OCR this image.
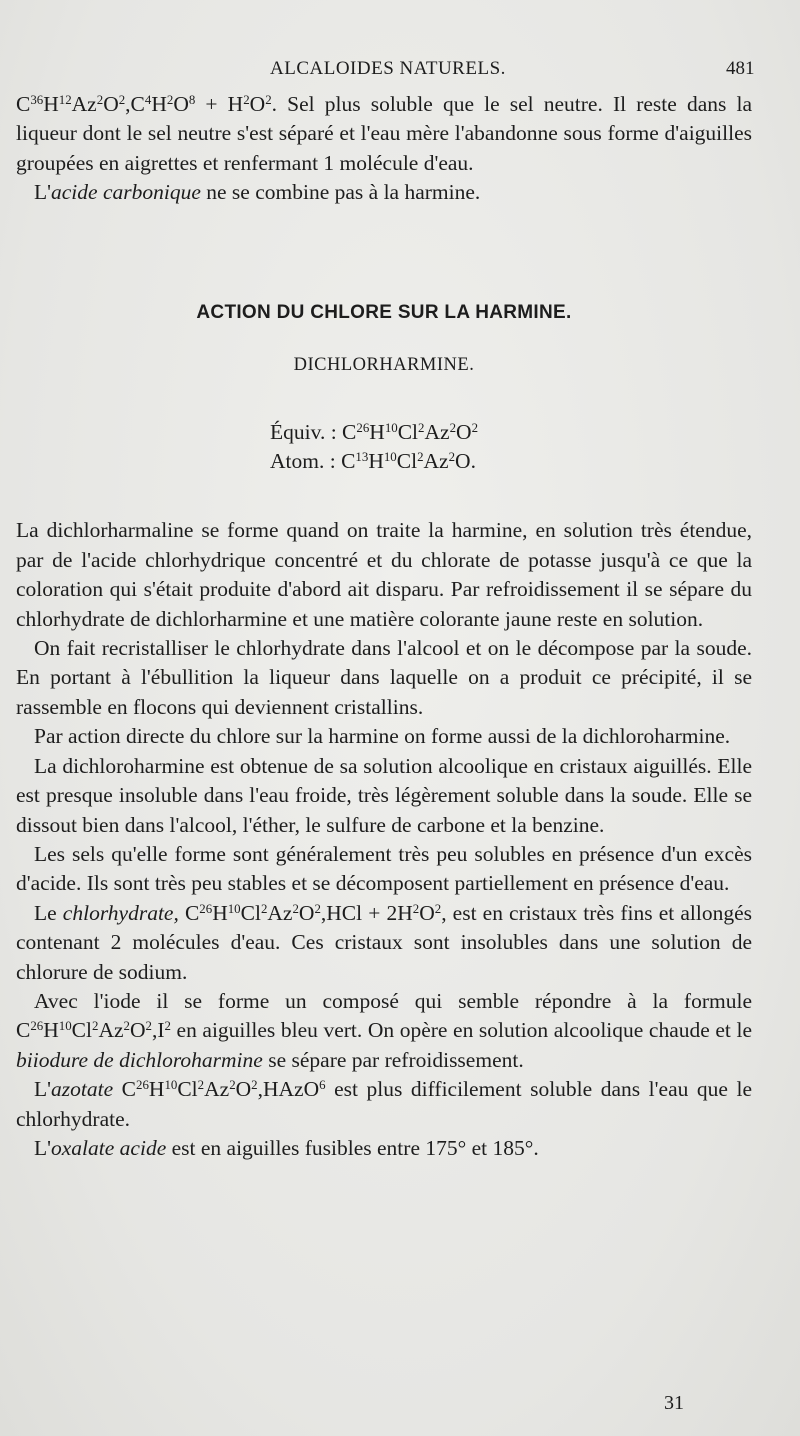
ALCALOIDES NATURELS.	481

$C^{36}H^{12}Az^2O^2,C^4H^2O^8 + H^2O^2$. Sel plus soluble que le sel neutre. Il reste dans la liqueur dont le sel neutre s'est séparé et l'eau mère l'abandonne sous forme d'aiguilles groupées en aigrettes et renfermant 1 molécule d'eau.

L'acide carbonique ne se combine pas à la harmine.

ACTION DU CHLORE SUR LA HARMINE.
DICHLORHARMINE.
Équiv. : $C^{26}H^{10}Cl^2Az^2O^2$
Atom. : $C^{13}H^{10}Cl^2Az^2O$.

La dichlorharmaline se forme quand on traite la harmine, en solution très étendue, par de l'acide chlorhydrique concentré et du chlorate de potasse jusqu'à ce que la coloration qui s'était produite d'abord ait disparu. Par refroidissement il se sépare du chlorhydrate de dichlorharmine et une matière colorante jaune reste en solution.

On fait recristalliser le chlorhydrate dans l'alcool et on le décompose par la soude. En portant à l'ébullition la liqueur dans laquelle on a produit ce précipité, il se rassemble en flocons qui deviennent cristallins.

Par action directe du chlore sur la harmine on forme aussi de la dichloroharmine.

La dichloroharmine est obtenue de sa solution alcoolique en cristaux aiguillés. Elle est presque insoluble dans l'eau froide, très légèrement soluble dans la soude. Elle se dissout bien dans l'alcool, l'éther, le sulfure de carbone et la benzine.

Les sels qu'elle forme sont généralement très peu solubles en présence d'un excès d'acide. Ils sont très peu stables et se décomposent partiellement en présence d'eau.

Le chlorhydrate, $C^{26}H^{10}Cl^2Az^2O^2,HCl + 2H^2O^2$, est en cristaux très fins et allongés contenant 2 molécules d'eau. Ces cristaux sont insolubles dans une solution de chlorure de sodium.

Avec l'iode il se forme un composé qui semble répondre à la formule $C^{26}H^{10}Cl^2Az^2O^2,I^2$ en aiguilles bleu vert. On opère en solution alcoolique chaude et le biiodure de dichloroharmine se sépare par refroidissement.

L'azotate $C^{26}H^{10}Cl^2Az^2O^2,HAzO^6$ est plus difficilement soluble dans l'eau que le chlorhydrate.

L'oxalate acide est en aiguilles fusibles entre 175° et 185°.

31
